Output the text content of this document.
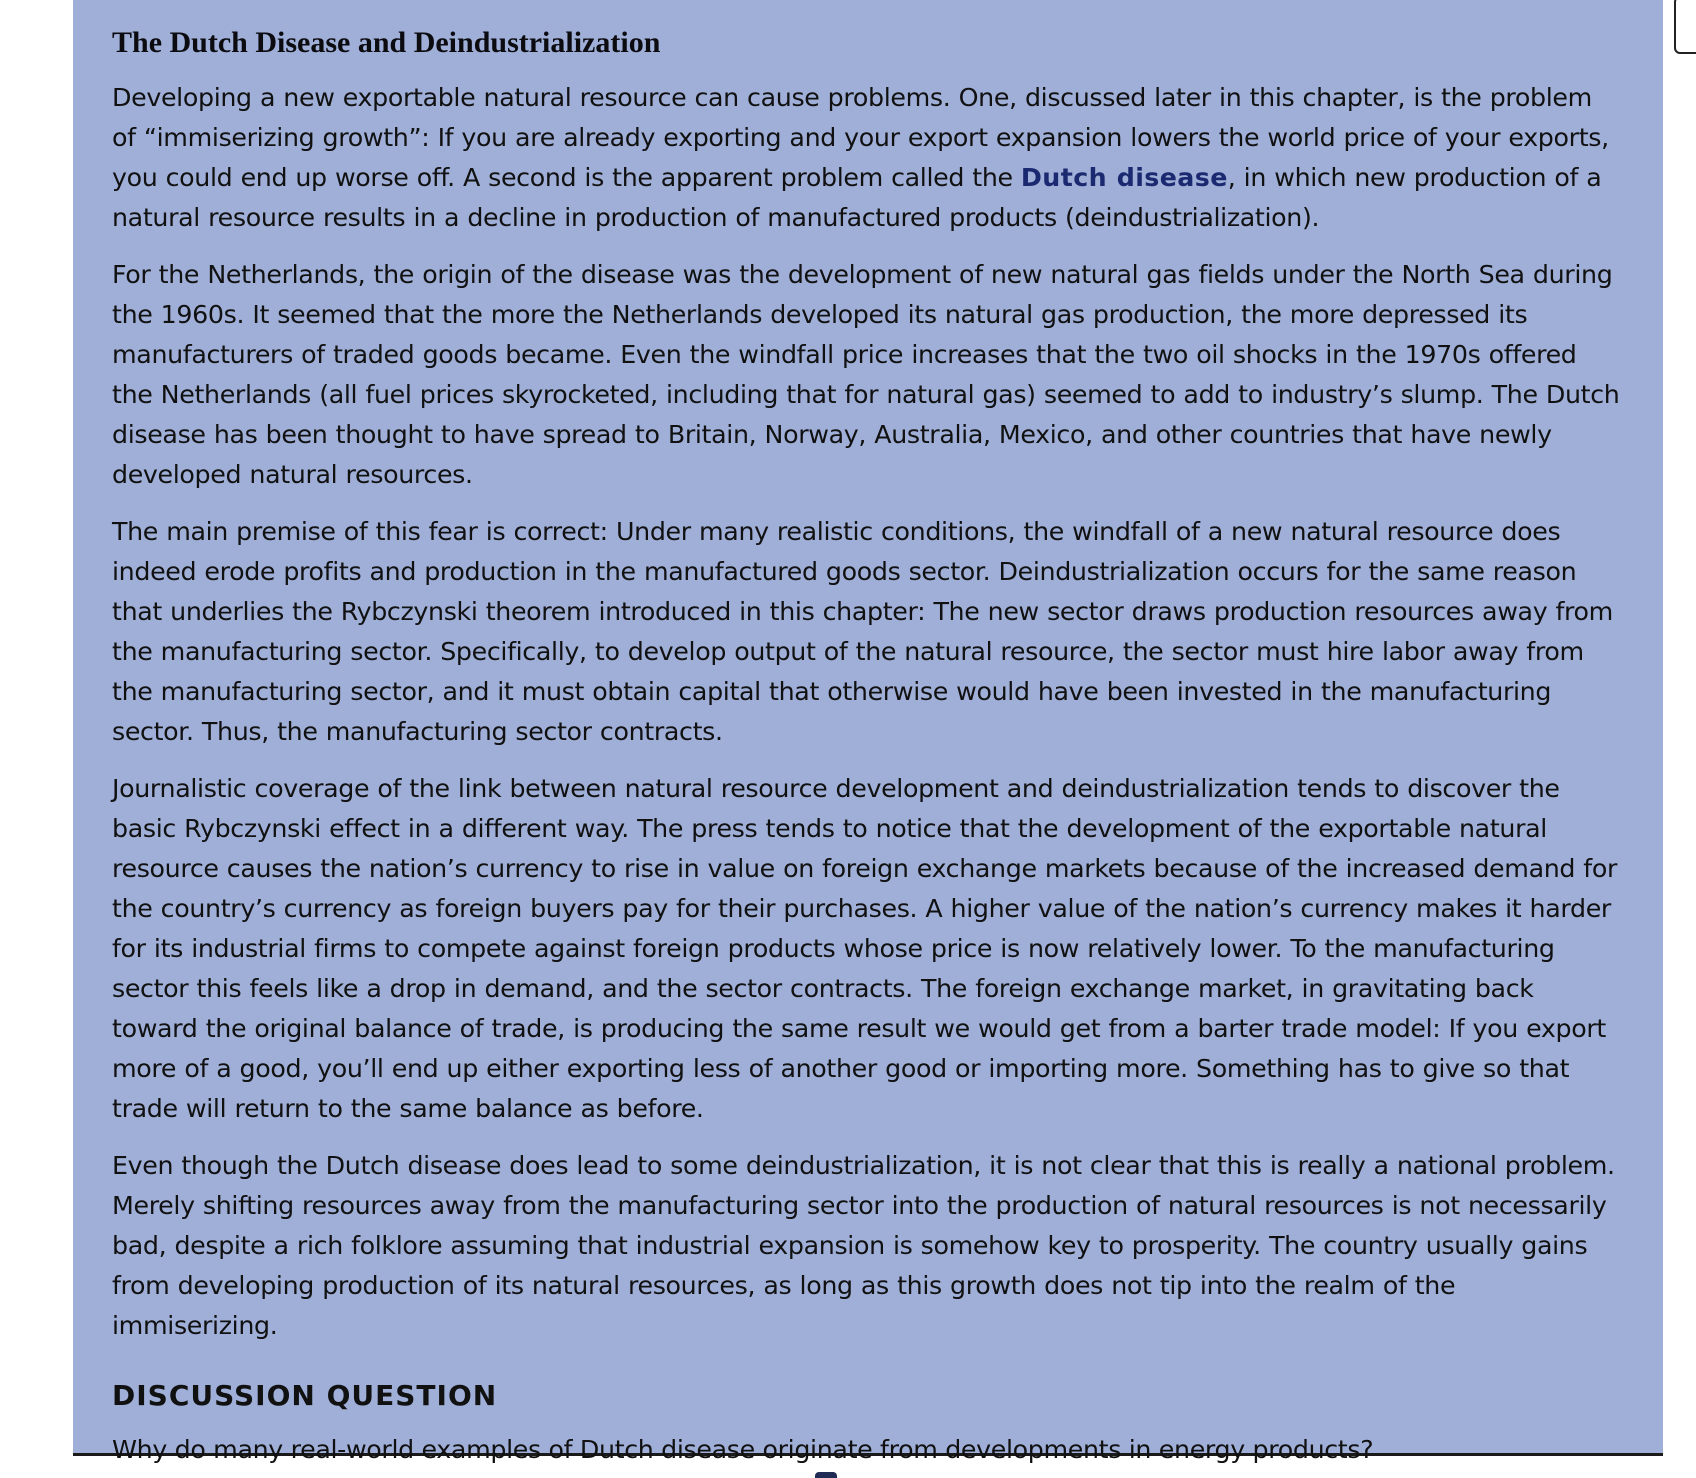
The Dutch Disease and Deindustrialization

Developing a new exportable natural resource can cause problems. One, discussed later in this chapter, is the problem of “immiserizing growth”: If you are already exporting and your export expansion lowers the world price of your exports, you could end up worse off. A second is the apparent problem called the Dutch disease, in which new production of a natural resource results in a decline in production of manufactured products (deindustrialization).

For the Netherlands, the origin of the disease was the development of new natural gas fields under the North Sea during the 1960s. It seemed that the more the Netherlands developed its natural gas production, the more depressed its manufacturers of traded goods became. Even the windfall price increases that the two oil shocks in the 1970s offered the Netherlands (all fuel prices skyrocketed, including that for natural gas) seemed to add to industry’s slump. The Dutch disease has been thought to have spread to Britain, Norway, Australia, Mexico, and other countries that have newly developed natural resources.

The main premise of this fear is correct: Under many realistic conditions, the windfall of a new natural resource does indeed erode profits and production in the manufactured goods sector. Deindustrialization occurs for the same reason that underlies the Rybczynski theorem introduced in this chapter: The new sector draws production resources away from the manufacturing sector. Specifically, to develop output of the natural resource, the sector must hire labor away from the manufacturing sector, and it must obtain capital that otherwise would have been invested in the manufacturing sector. Thus, the manufacturing sector contracts.

Journalistic coverage of the link between natural resource development and deindustrialization tends to discover the basic Rybczynski effect in a different way. The press tends to notice that the development of the exportable natural resource causes the nation’s currency to rise in value on foreign exchange markets because of the increased demand for the country’s currency as foreign buyers pay for their purchases. A higher value of the nation’s currency makes it harder for its industrial firms to compete against foreign products whose price is now relatively lower. To the manufacturing sector this feels like a drop in demand, and the sector contracts. The foreign exchange market, in gravitating back toward the original balance of trade, is producing the same result we would get from a barter trade model: If you export more of a good, you’ll end up either exporting less of another good or importing more. Something has to give so that trade will return to the same balance as before.

Even though the Dutch disease does lead to some deindustrialization, it is not clear that this is really a national problem. Merely shifting resources away from the manufacturing sector into the production of natural resources is not necessarily bad, despite a rich folklore assuming that industrial expansion is somehow key to prosperity. The country usually gains from developing production of its natural resources, as long as this growth does not tip into the realm of the immiserizing.

DISCUSSION QUESTION

Why do many real-world examples of Dutch disease originate from developments in energy products?
